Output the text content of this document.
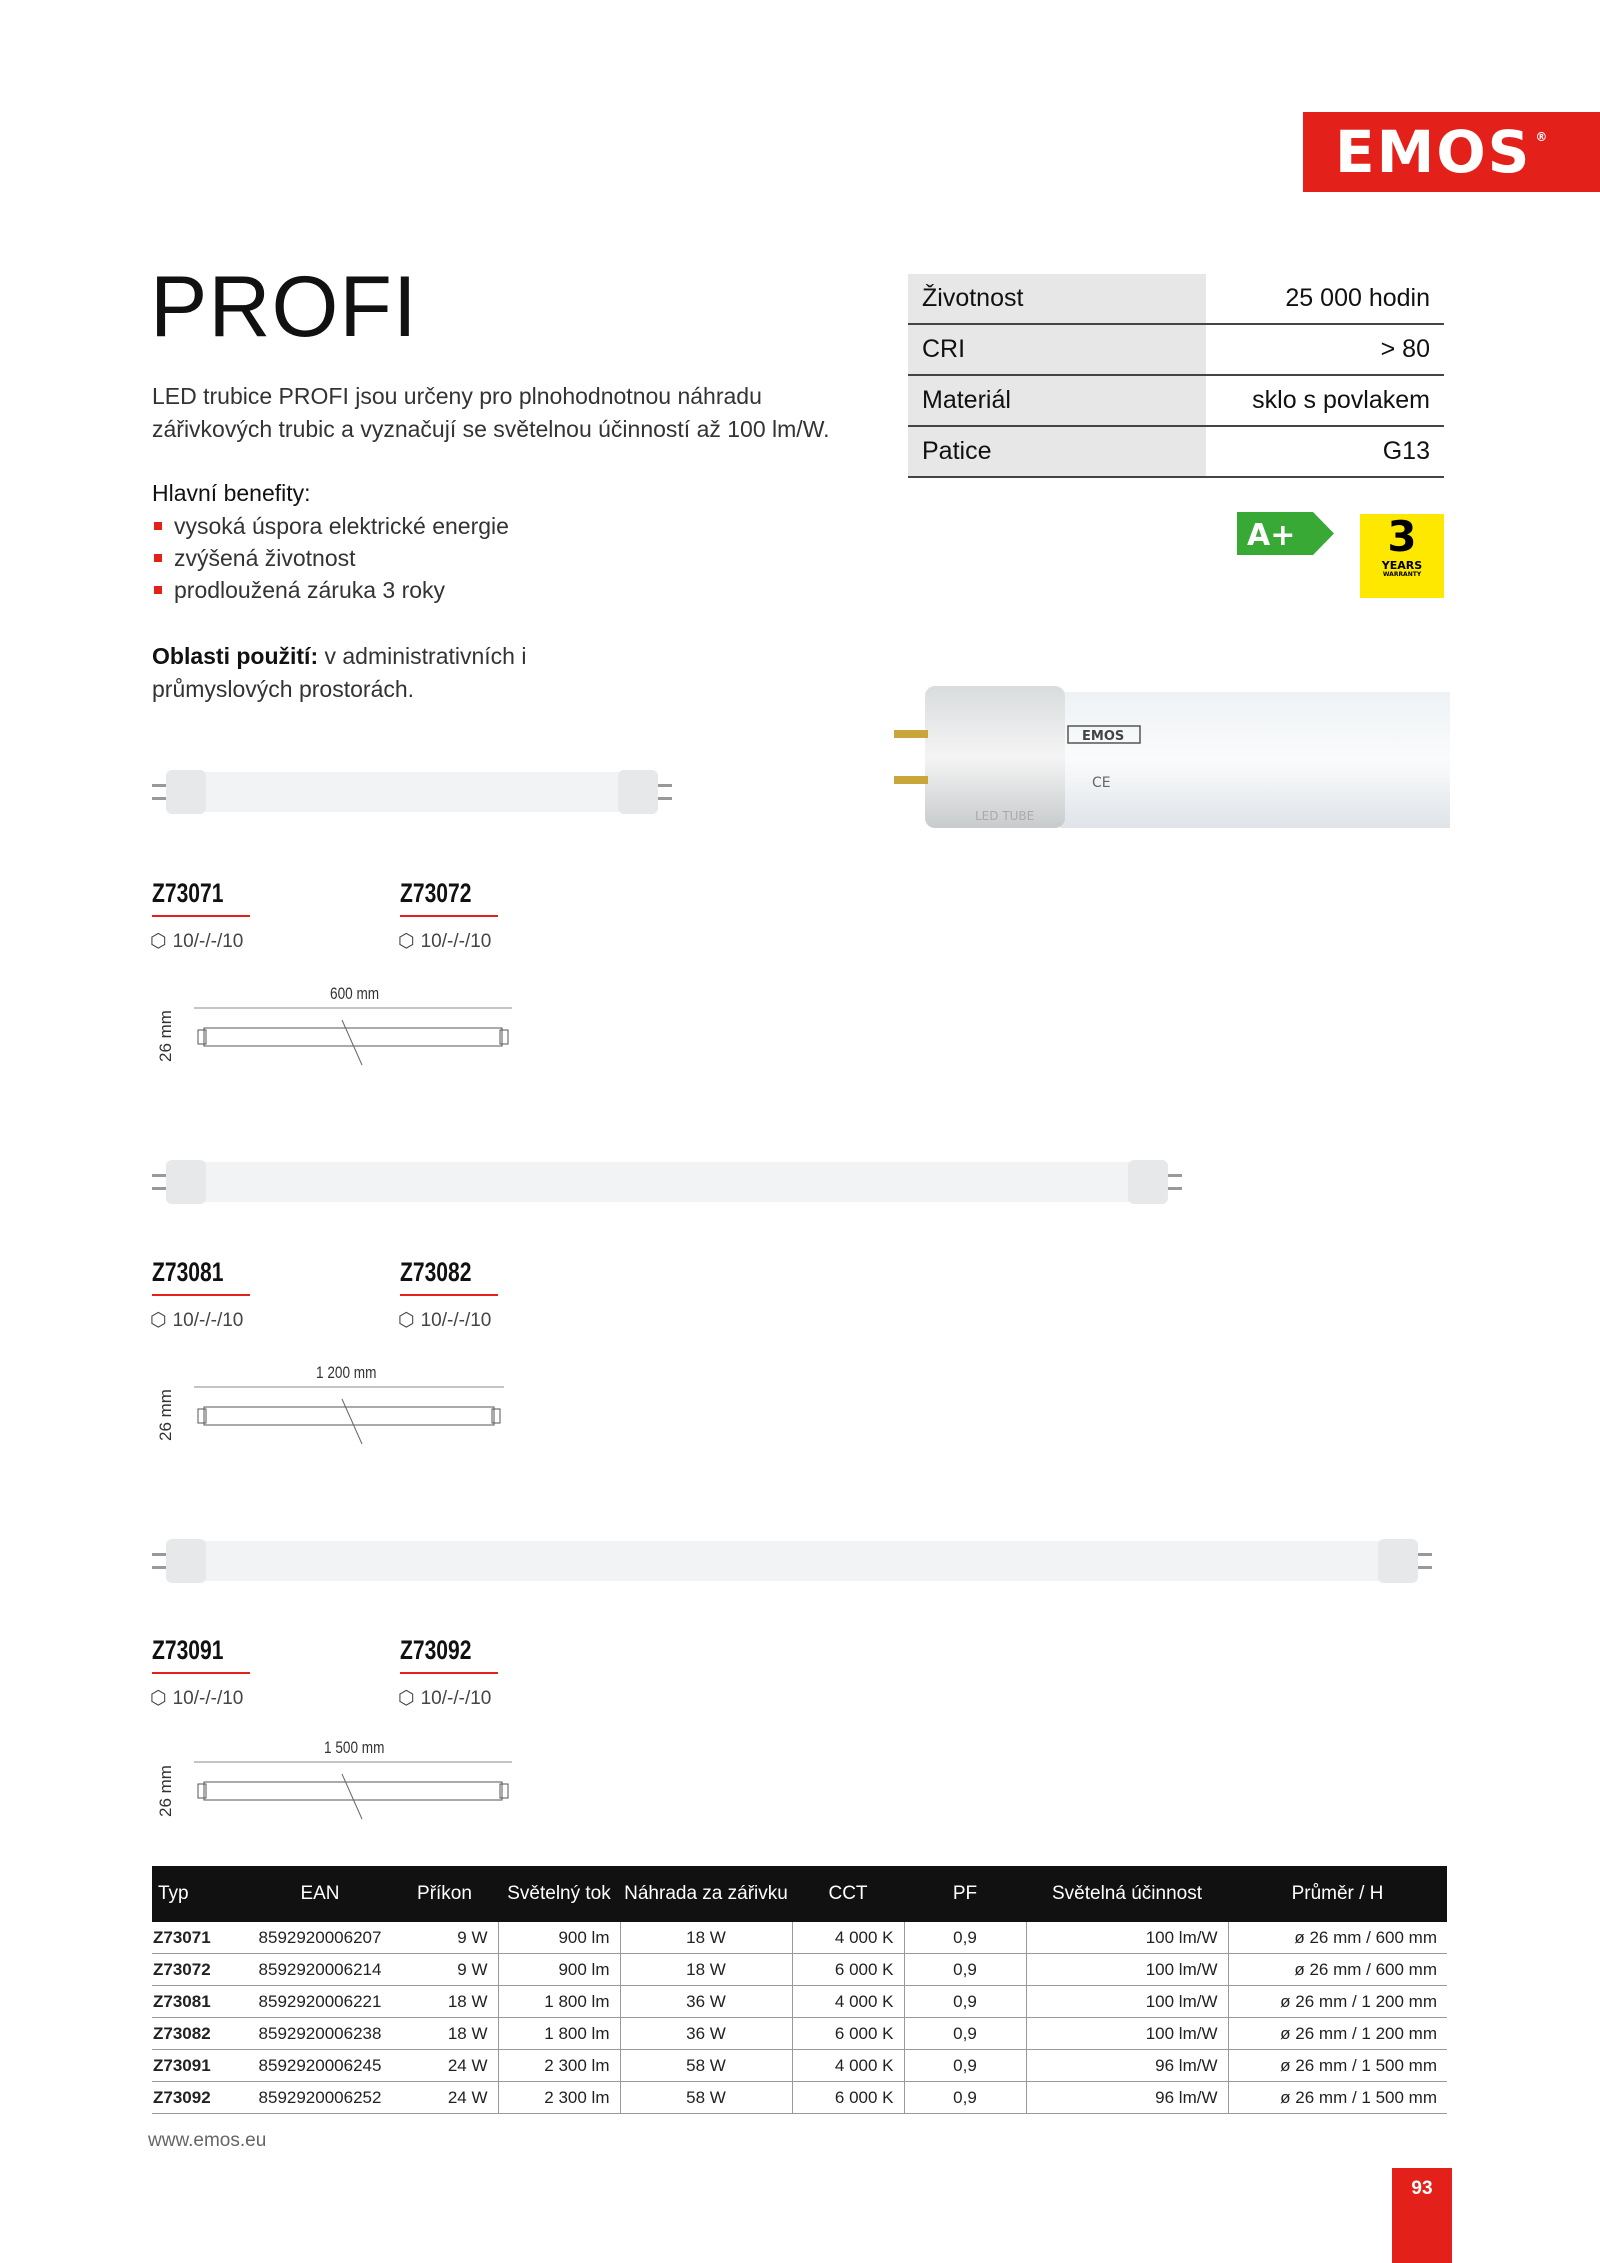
EMOS ®
PROFI
LED trubice PROFI jsou určeny pro plnohodnotnou náhradu zářivkových trubic a vyznačují se světelnou účinností až 100 lm/W.
Hlavní benefity:
vysoká úspora elektrické energie
zvýšená životnost
prodloužená záruka 3 roky
Oblasti použití: v administrativních i průmyslových prostorách.
Životnost	25 000 hodin
CRI	> 80
Materiál	sklo s povlakem
Patice	G13
A+	3
YEARS
WARRANTY
EMOS
CE
LED TUBE
Z73071	Z73072
⬡ 10/-/-/10	⬡ 10/-/-/10
600 mm
26 mm
Z73081	Z73082
⬡ 10/-/-/10	⬡ 10/-/-/10
1 200 mm
26 mm
Z73091	Z73092
⬡ 10/-/-/10	⬡ 10/-/-/10
1 500 mm
26 mm
Typ	EAN	Příkon	Světelný tok	Náhrada za zářivku	CCT	PF	Světelná účinnost	Průměr / H
Z73071	8592920006207	9 W	900 lm	18 W	4 000 K	0,9	100 lm/W	ø 26 mm / 600 mm
Z73072	8592920006214	9 W	900 lm	18 W	6 000 K	0,9	100 lm/W	ø 26 mm / 600 mm
Z73081	8592920006221	18 W	1 800 lm	36 W	4 000 K	0,9	100 lm/W	ø 26 mm / 1 200 mm
Z73082	8592920006238	18 W	1 800 lm	36 W	6 000 K	0,9	100 lm/W	ø 26 mm / 1 200 mm
Z73091	8592920006245	24 W	2 300 lm	58 W	4 000 K	0,9	96 lm/W	ø 26 mm / 1 500 mm
Z73092	8592920006252	24 W	2 300 lm	58 W	6 000 K	0,9	96 lm/W	ø 26 mm / 1 500 mm
www.emos.eu
93
